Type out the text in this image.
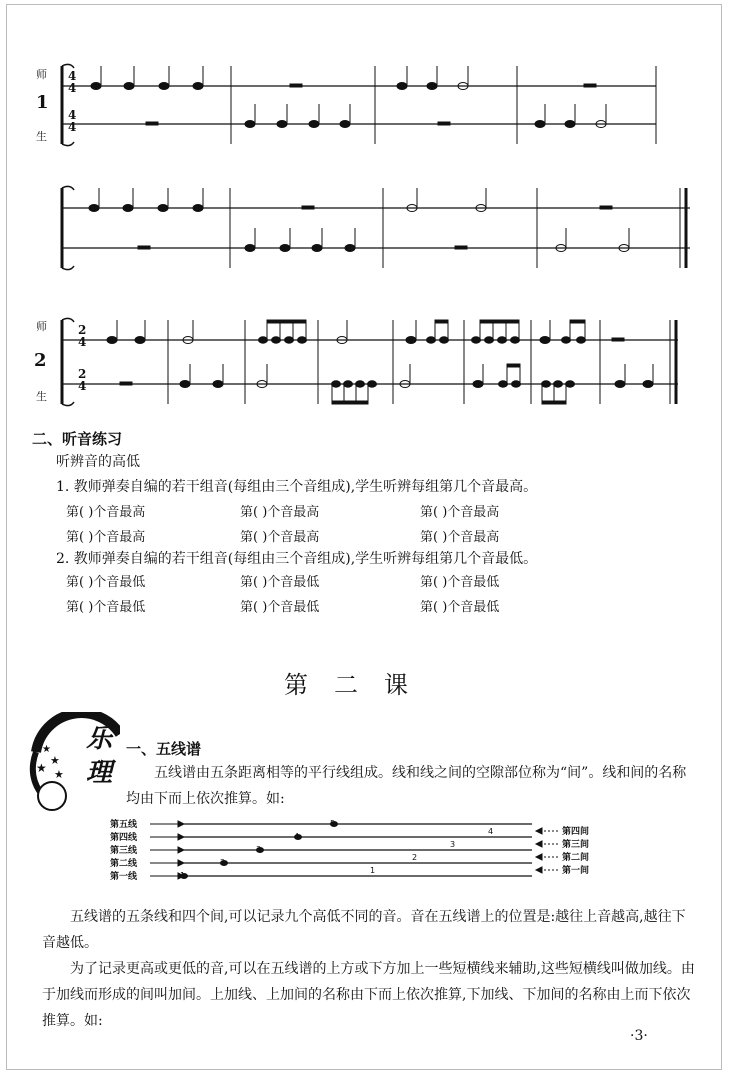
师
1
生
4
4
4
4
师
2
生
2
4
2
4
二、听音练习
听辨音的高低
1. 教师弹奏自编的若干组音(每组由三个音组成),学生听辨每组第几个音最高。
第( )个音最高	第( )个音最高	第( )个音最高
第( )个音最高	第( )个音最高	第( )个音最高
2. 教师弹奏自编的若干组音(每组由三个音组成),学生听辨每组第几个音最低。
第( )个音最低	第( )个音最低	第( )个音最低
第( )个音最低	第( )个音最低	第( )个音最低
第二课
★
★
★
★
★
乐理
一、五线谱
五线谱由五条距离相等的平行线组成。线和线之间的空隙部位称为“间”。线和间的名称均由下而上依次推算。如:
第五线
第四线
第三线
第二线
第一线
第四间
第三间
第二间
第一间
1
2
3
4
5
1
2
3
4
五线谱的五条线和四个间,可以记录九个高低不同的音。音在五线谱上的位置是:越往上音越高,越往下音越低。
为了记录更高或更低的音,可以在五线谱的上方或下方加上一些短横线来辅助,这些短横线叫做加线。由于加线而形成的间叫加间。上加线、上加间的名称由下而上依次推算,下加线、下加间的名称由上而下依次推算。如:
·3·
